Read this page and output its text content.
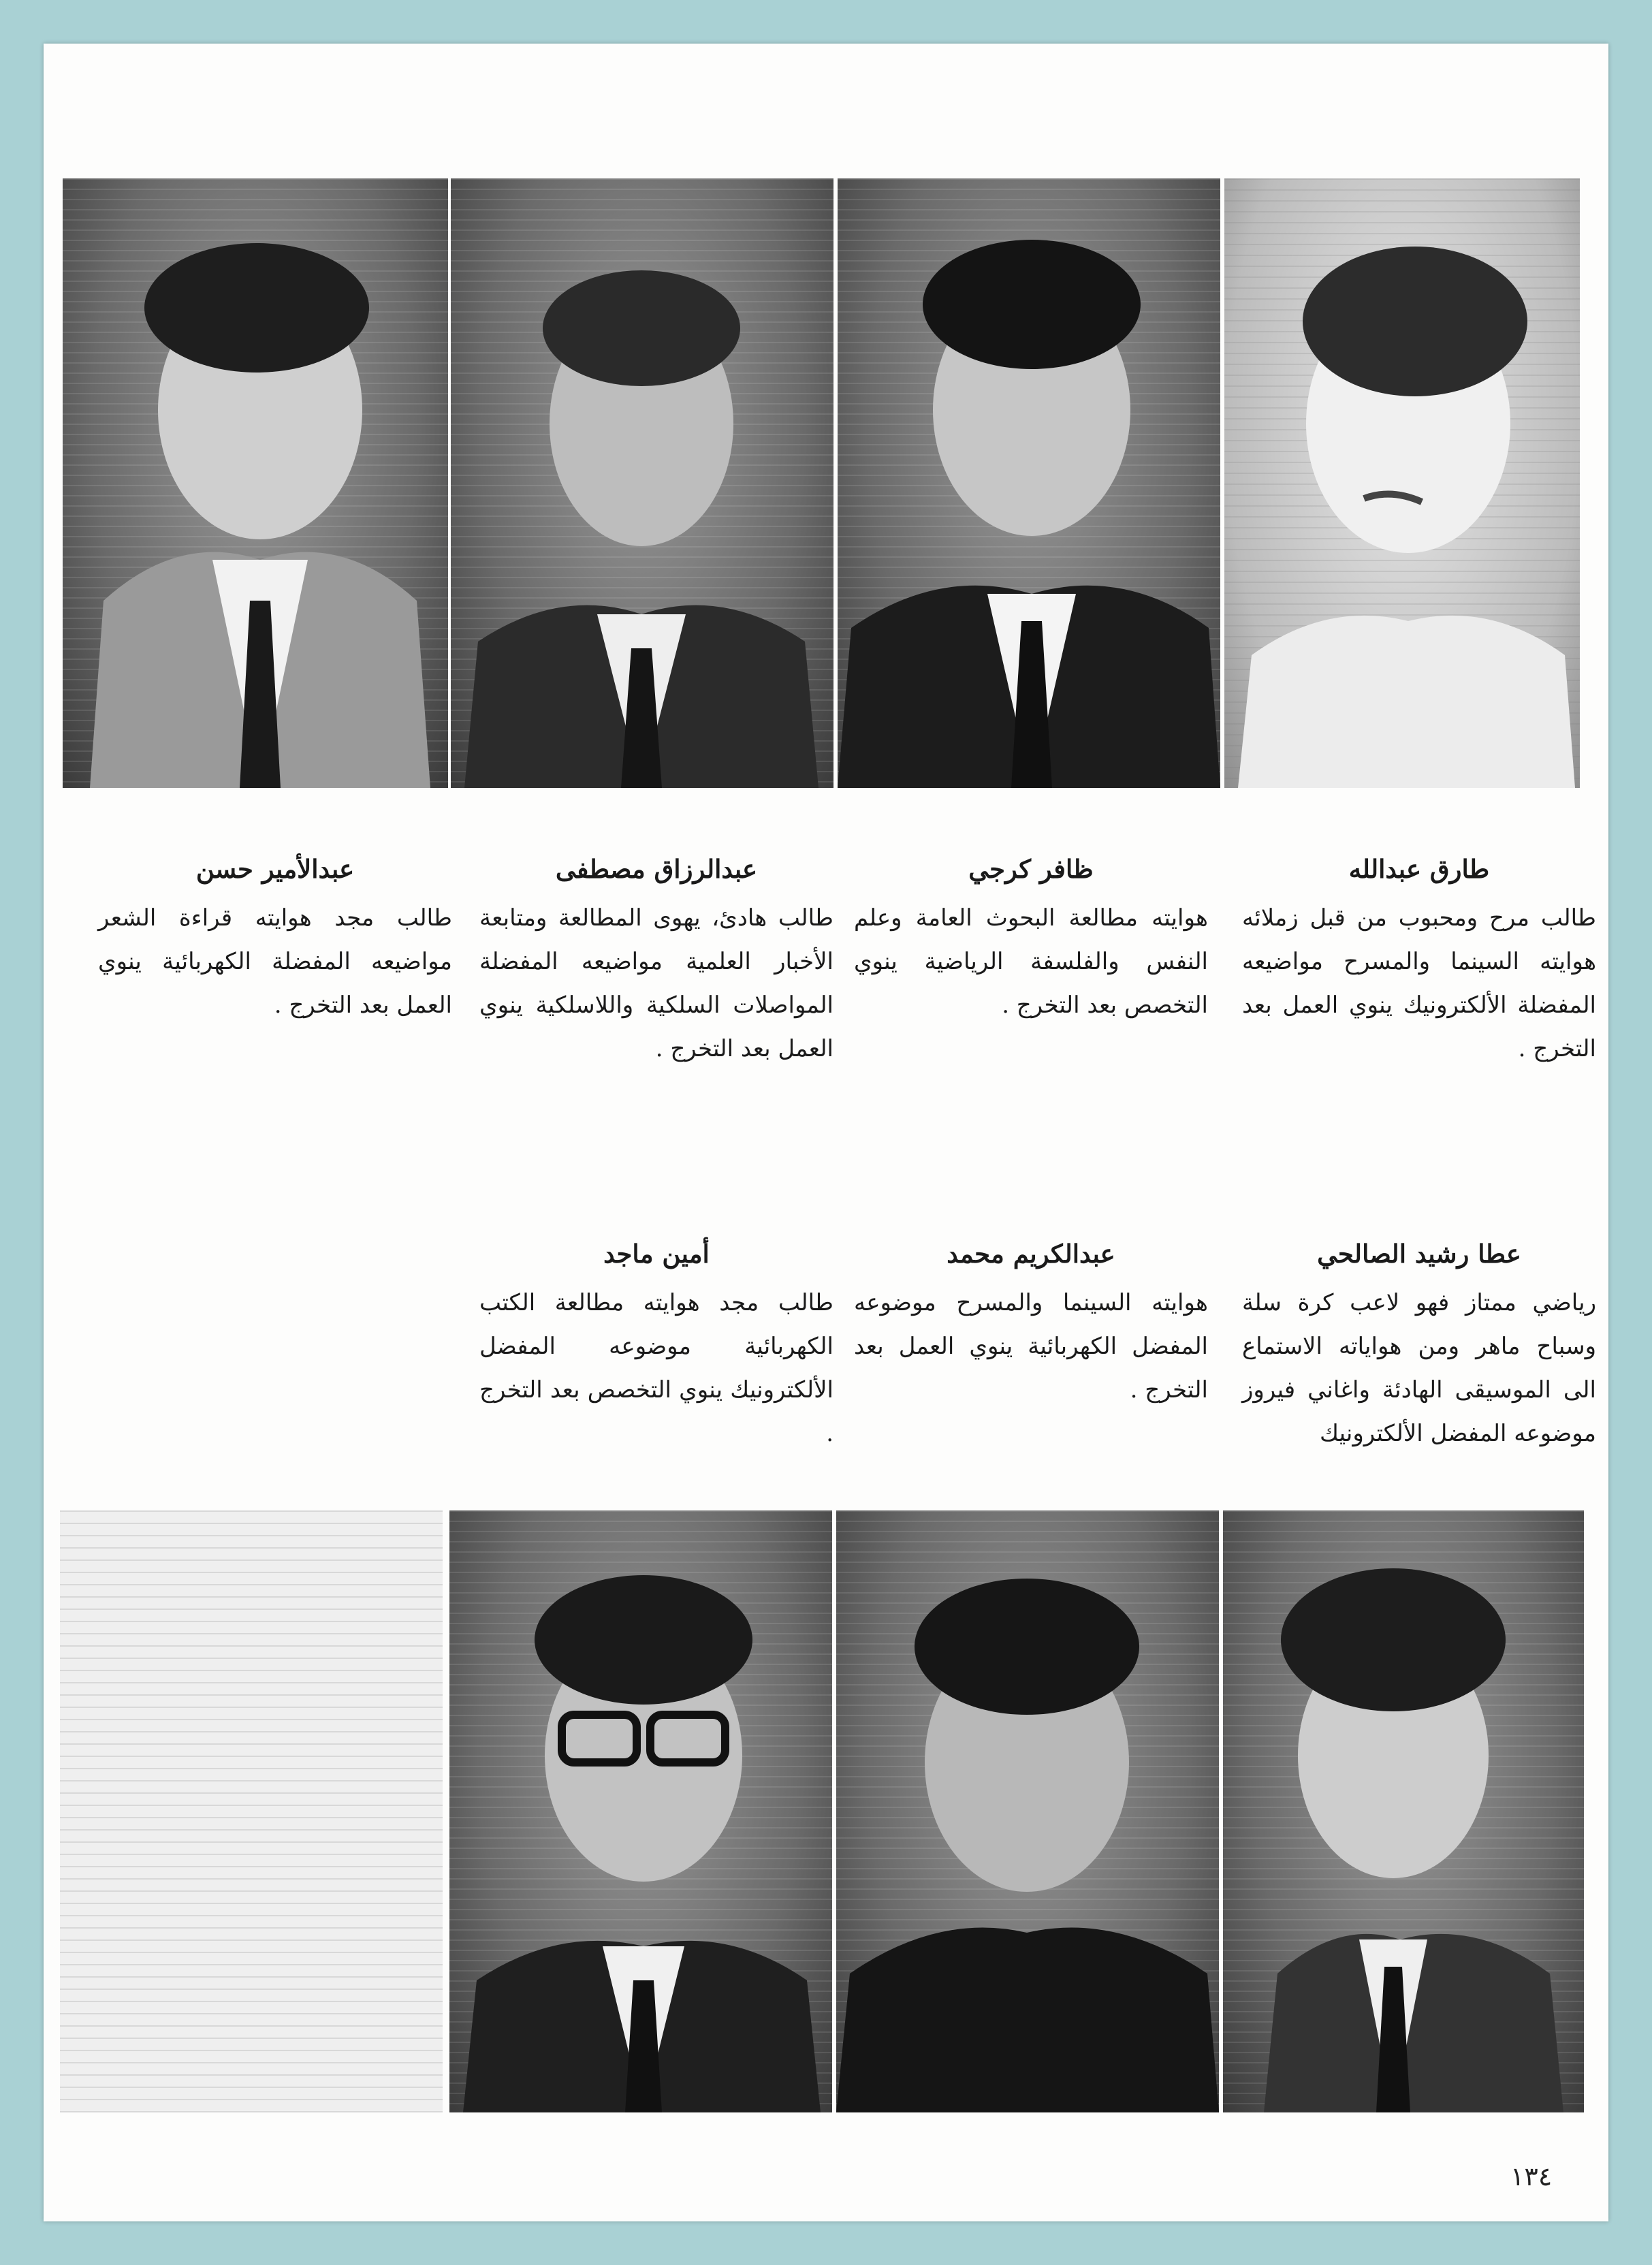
طارق عبدالله
طالب مرح ومحبوب من قبل زملائه هوايته السينما والمسرح مواضيعه المفضلة الألكترونيك ينوي العمل بعد التخرج .
ظافر كرجي
هوايته مطالعة البحوث العامة وعلم النفس والفلسفة الرياضية ينوي التخصص بعد التخرج .
عبدالرزاق مصطفى
طالب هادئ، يهوى المطالعة ومتابعة الأخبار العلمية مواضيعه المفضلة المواصلات السلكية واللاسلكية ينوي العمل بعد التخرج .
عبدالأمير حسن
طالب مجد هوايته قراءة الشعر مواضيعه المفضلة الكهربائية ينوي العمل بعد التخرج .
عطا رشيد الصالحي
رياضي ممتاز فهو لاعب كرة سلة وسباح ماهر ومن هواياته الاستماع الى الموسيقى الهادئة واغاني فيروز موضوعه المفضل الألكترونيك
عبدالكريم محمد
هوايته السينما والمسرح موضوعه المفضل الكهربائية ينوي العمل بعد التخرج .
أمين ماجد
طالب مجد هوايته مطالعة الكتب الكهربائية موضوعه المفضل الألكترونيك ينوي التخصص بعد التخرج .
١٣٤
